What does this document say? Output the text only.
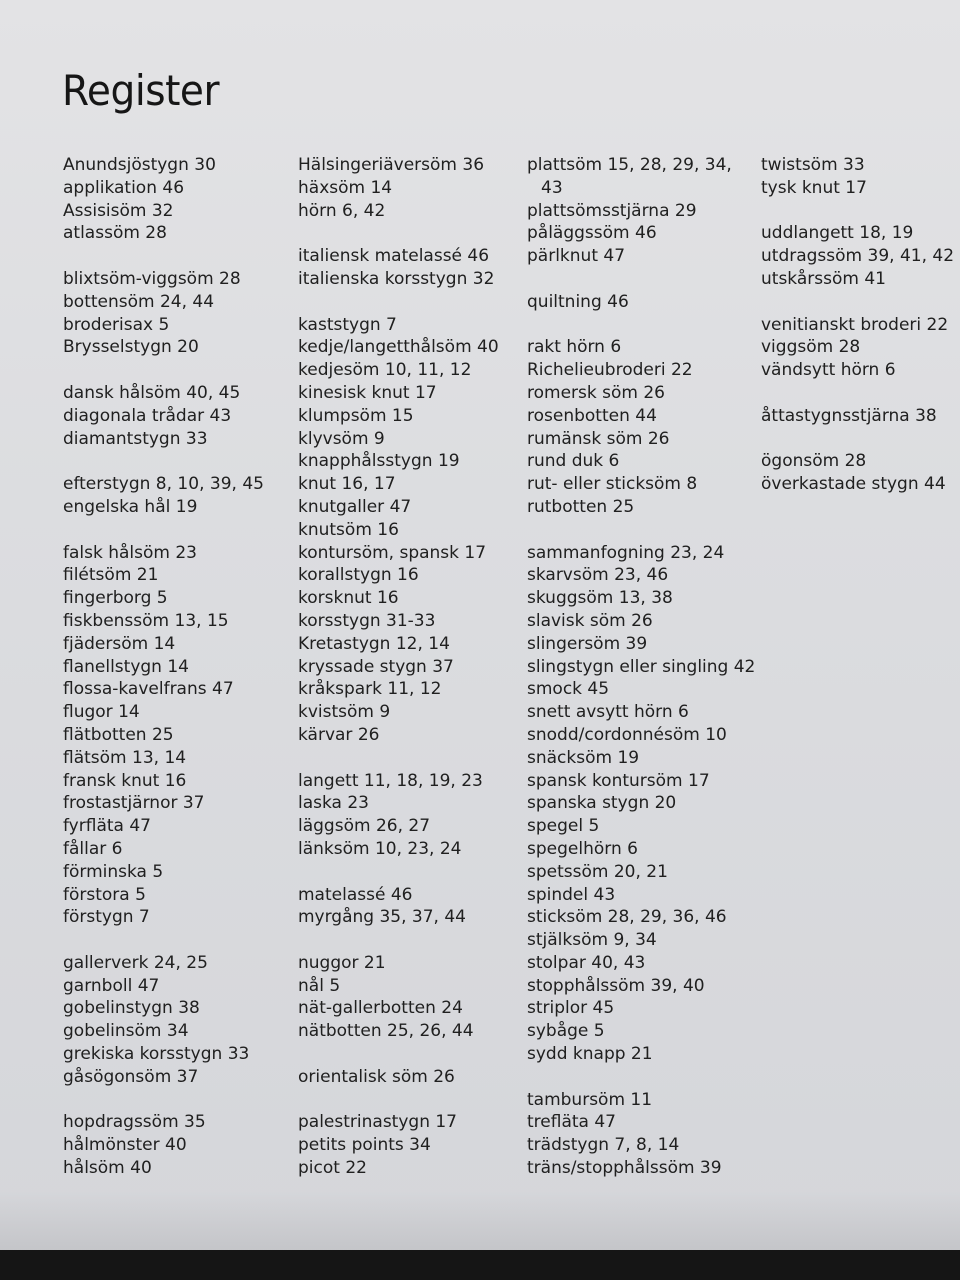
Register
Anundsjöstygn 30
applikation 46
Assisisöm 32
atlassöm 28
blixtsöm-viggsöm 28
bottensöm 24, 44
broderisax 5
Brysselstygn 20
dansk hålsöm 40, 45
diagonala trådar 43
diamantstygn 33
efterstygn 8, 10, 39, 45
engelska hål 19
falsk hålsöm 23
filétsöm 21
fingerborg 5
fiskbenssöm 13, 15
fjädersöm 14
flanellstygn 14
flossa-kavelfrans 47
flugor 14
flätbotten 25
flätsöm 13, 14
fransk knut 16
frostastjärnor 37
fyrfläta 47
fållar 6
förminska 5
förstora 5
förstygn 7
gallerverk 24, 25
garnboll 47
gobelinstygn 38
gobelinsöm 34
grekiska korsstygn 33
gåsögonsöm 37
hopdragssöm 35
hålmönster 40
hålsöm 40
Hälsingeriäversöm 36
häxsöm 14
hörn 6, 42
italiensk matelassé 46
italienska korsstygn 32
kaststygn 7
kedje/langetthålsöm 40
kedjesöm 10, 11, 12
kinesisk knut 17
klumpsöm 15
klyvsöm 9
knapphålsstygn 19
knut 16, 17
knutgaller 47
knutsöm 16
kontursöm, spansk 17
korallstygn 16
korsknut 16
korsstygn 31-33
Kretastygn 12, 14
kryssade stygn 37
kråkspark 11, 12
kvistsöm 9
kärvar 26
langett 11, 18, 19, 23
laska 23
läggsöm 26, 27
länksöm 10, 23, 24
matelassé 46
myrgång 35, 37, 44
nuggor 21
nål 5
nät-gallerbotten 24
nätbotten 25, 26, 44
orientalisk söm 26
palestrinastygn 17
petits points 34
picot 22
plattsöm 15, 28, 29, 34,
43
plattsömsstjärna 29
påläggssöm 46
pärlknut 47
quiltning 46
rakt hörn 6
Richelieubroderi 22
romersk söm 26
rosenbotten 44
rumänsk söm 26
rund duk 6
rut- eller sticksöm 8
rutbotten 25
sammanfogning 23, 24
skarvsöm 23, 46
skuggsöm 13, 38
slavisk söm 26
slingersöm 39
slingstygn eller singling 42
smock 45
snett avsytt hörn 6
snodd/cordonnésöm 10
snäcksöm 19
spansk kontursöm 17
spanska stygn 20
spegel 5
spegelhörn 6
spetssöm 20, 21
spindel 43
sticksöm 28, 29, 36, 46
stjälksöm 9, 34
stolpar 40, 43
stopphålssöm 39, 40
striplor 45
sybåge 5
sydd knapp 21
tambursöm 11
trefläta 47
trädstygn 7, 8, 14
träns/stopphålssöm 39
twistsöm 33
tysk knut 17
uddlangett 18, 19
utdragssöm 39, 41, 42
utskårssöm 41
venitianskt broderi 22
viggsöm 28
vändsytt hörn 6
åttastygnsstjärna 38
ögonsöm 28
överkastade stygn 44
